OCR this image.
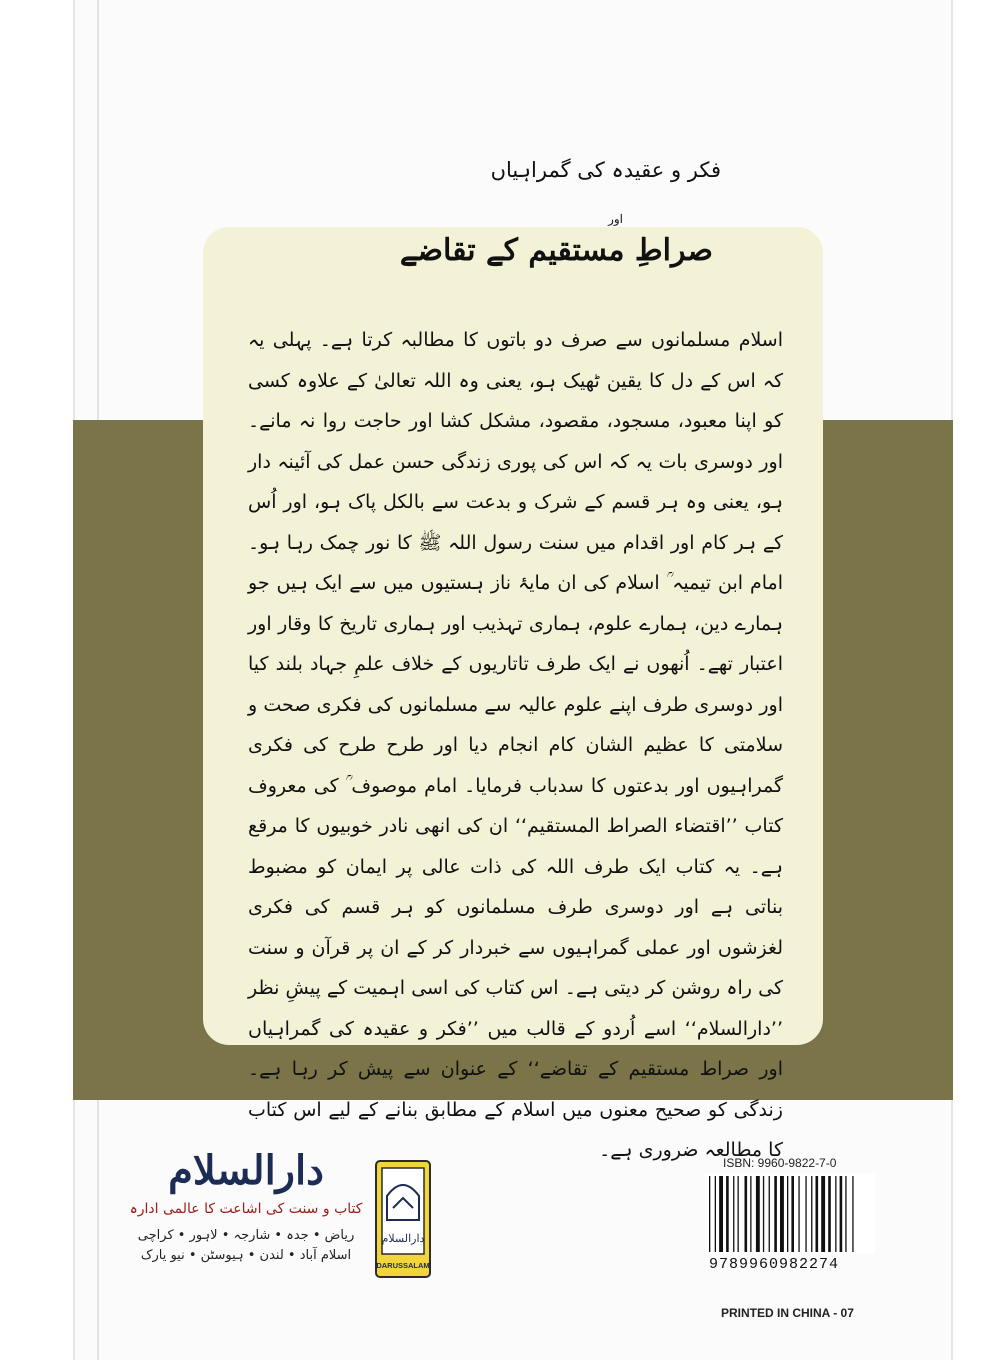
فکر و عقیدہ کی گمراہیاں
اور
صراطِ مستقیم کے تقاضے

اسلام مسلمانوں سے صرف دو باتوں کا مطالبہ کرتا ہے۔ پہلی یہ کہ اس کے دل کا یقین ٹھیک ہو، یعنی وہ اللہ تعالیٰ کے علاوہ کسی کو اپنا معبود، مسجود، مقصود، مشکل کشا اور حاجت روا نہ مانے۔ اور دوسری بات یہ کہ اس کی پوری زندگی حسن عمل کی آئینہ دار ہو، یعنی وہ ہر قسم کے شرک و بدعت سے بالکل پاک ہو، اور اُس کے ہر کام اور اقدام میں سنت رسول اللہ ﷺ کا نور چمک رہا ہو۔ امام ابن تیمیہ ؒ اسلام کی ان مایۂ ناز ہستیوں میں سے ایک ہیں جو ہمارے دین، ہمارے علوم، ہماری تہذیب اور ہماری تاریخ کا وقار اور اعتبار تھے۔ اُنھوں نے ایک طرف تاتاریوں کے خلاف علمِ جہاد بلند کیا اور دوسری طرف اپنے علوم عالیہ سے مسلمانوں کی فکری صحت و سلامتی کا عظیم الشان کام انجام دیا اور طرح طرح کی فکری گمراہیوں اور بدعتوں کا سدباب فرمایا۔ امام موصوف ؒ کی معروف کتاب ’’اقتضاء الصراط المستقیم‘‘ ان کی انھی نادر خوبیوں کا مرقع ہے۔ یہ کتاب ایک طرف اللہ کی ذات عالی پر ایمان کو مضبوط بناتی ہے اور دوسری طرف مسلمانوں کو ہر قسم کی فکری لغزشوں اور عملی گمراہیوں سے خبردار کر کے ان پر قرآن و سنت کی راہ روشن کر دیتی ہے۔ اس کتاب کی اسی اہمیت کے پیشِ نظر ’’دارالسلام‘‘ اسے اُردو کے قالب میں ’’فکر و عقیدہ کی گمراہیاں اور صراط مستقیم کے تقاضے‘‘ کے عنوان سے پیش کر رہا ہے۔ زندگی کو صحیح معنوں میں اسلام کے مطابق بنانے کے لیے اس کتاب کا مطالعہ ضروری ہے۔

دارالسلام
کتاب و سنت کی اشاعت کا عالمی ادارہ
ریاض • جدہ • شارجہ • لاہور • کراچی
اسلام آباد • لندن • ہیوسٹن • نیو یارک
دارالسلام
DARUSSALAM
ISBN: 9960-9822-7-0
9789960982274
PRINTED IN CHINA - 07
